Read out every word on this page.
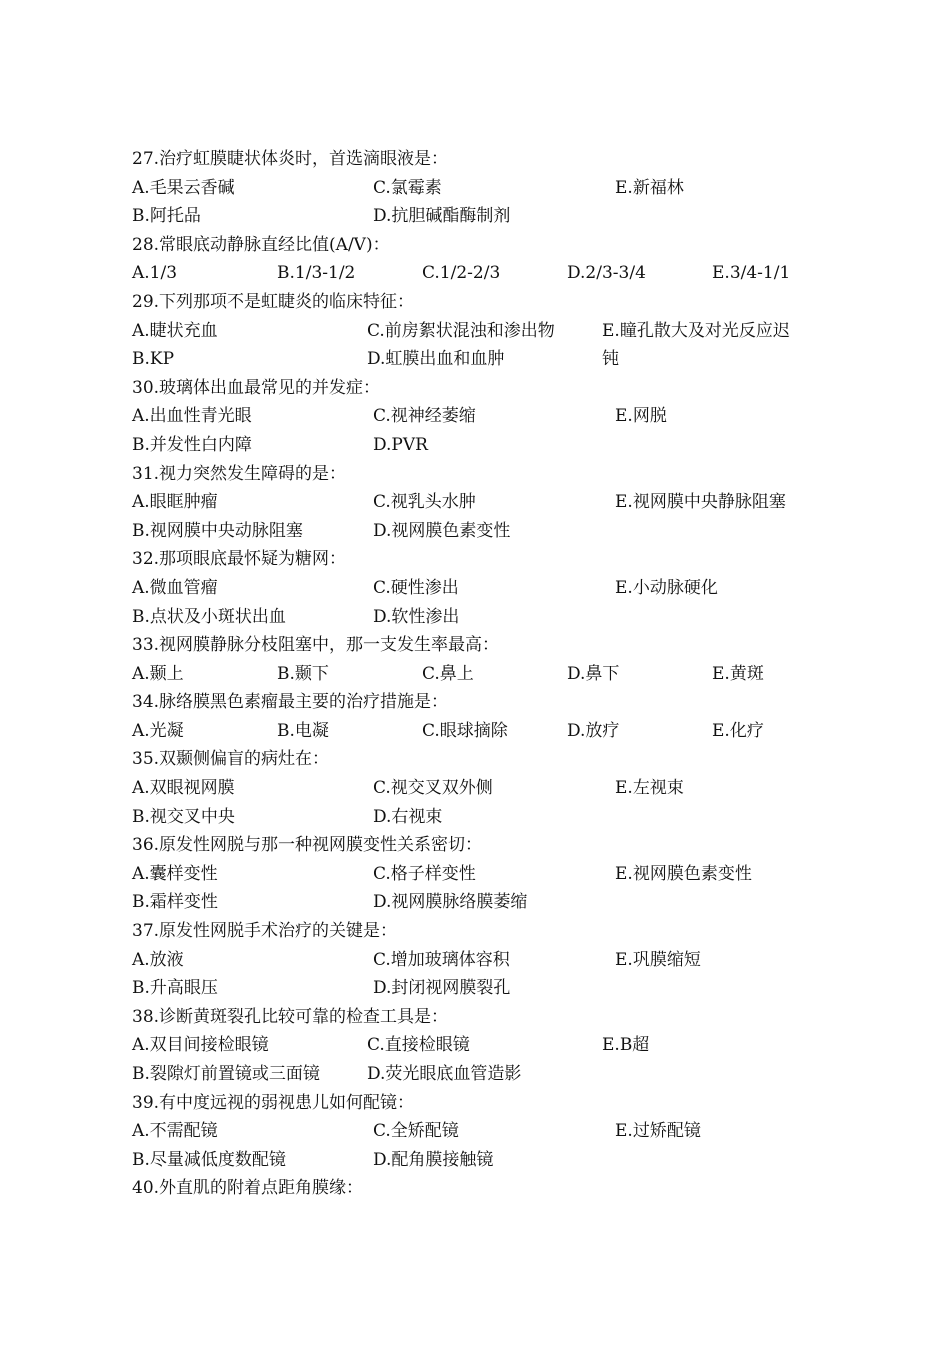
27.治疗虹膜睫状体炎时，首选滴眼液是：
A.毛果云香碱	C.氯霉素	E.新福林
B.阿托品	D.抗胆碱酯酶制剂
28.常眼底动静脉直经比值(A/V)：
A.1/3	B.1/3-1/2	C.1/2-2/3	D.2/3-3/4	E.3/4-1/1
29.下列那项不是虹睫炎的临床特征：
A.睫状充血	C.前房絮状混浊和渗出物	E.瞳孔散大及对光反应迟
B.KP	D.虹膜出血和血肿	钝
30.玻璃体出血最常见的并发症：
A.出血性青光眼	C.视神经萎缩	E.网脱
B.并发性白内障	D.PVR
31.视力突然发生障碍的是：
A.眼眶肿瘤	C.视乳头水肿	E.视网膜中央静脉阻塞
B.视网膜中央动脉阻塞	D.视网膜色素变性
32.那项眼底最怀疑为糖网：
A.微血管瘤	C.硬性渗出	E.小动脉硬化
B.点状及小斑状出血	D.软性渗出
33.视网膜静脉分枝阻塞中，那一支发生率最高：
A.颞上	B.颞下	C.鼻上	D.鼻下	E.黄斑
34.脉络膜黑色素瘤最主要的治疗措施是：
A.光凝	B.电凝	C.眼球摘除	D.放疗	E.化疗
35.双颞侧偏盲的病灶在：
A.双眼视网膜	C.视交叉双外侧	E.左视束
B.视交叉中央	D.右视束
36.原发性网脱与那一种视网膜变性关系密切：
A.囊样变性	C.格子样变性	E.视网膜色素变性
B.霜样变性	D.视网膜脉络膜萎缩
37.原发性网脱手术治疗的关键是：
A.放液	C.增加玻璃体容积	E.巩膜缩短
B.升高眼压	D.封闭视网膜裂孔
38.诊断黄斑裂孔比较可靠的检查工具是：
A.双目间接检眼镜	C.直接检眼镜	E.B超
B.裂隙灯前置镜或三面镜	D.荧光眼底血管造影
39.有中度远视的弱视患儿如何配镜：
A.不需配镜	C.全矫配镜	E.过矫配镜
B.尽量减低度数配镜	D.配角膜接触镜
40.外直肌的附着点距角膜缘：
